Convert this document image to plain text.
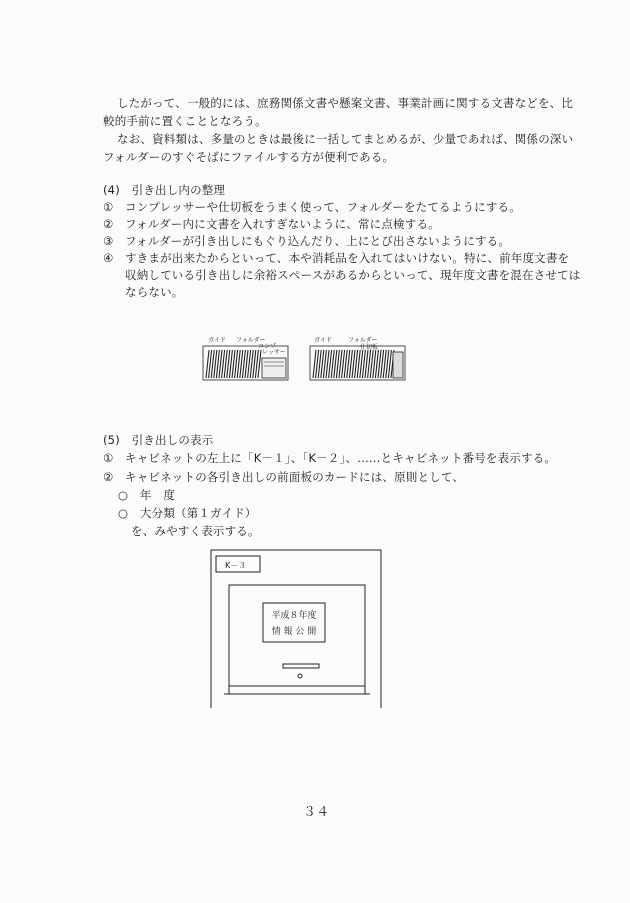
したがって、一般的には、庶務関係文書や懸案文書、事業計画に関する文書などを、比
較的手前に置くこととなろう。
なお、資料類は、多量のときは最後に一括してまとめるが、少量であれば、関係の深い
フォルダーのすぐそばにファイルする方が便利である。
(4)　引き出し内の整理
① コンプレッサーや仕切板をうまく使って、フォルダーをたてるようにする。
② フォルダー内に文書を入れすぎないように、常に点検する。
③ フォルダーが引き出しにもぐり込んだり、上にとび出さないようにする。
④ すきまが出来たからといって、本や消耗品を入れてはいけない。特に、前年度文書を
収納している引き出しに余裕スペースがあるからといって、現年度文書を混在させては
ならない。
ガイド フォルダー
コンプ
レッサー
ガイド	フォルダー
仕切板
(5)　引き出しの表示
① キャビネットの左上に「K－１」、「K－２」、……とキャビネット番号を表示する。
② キャビネットの各引き出しの前面板のカードには、原則として、
○　年　度
○　大分類（第１ガイド）
を、みやすく表示する。
K－３
平成８年度
情 報 公 開
３４
